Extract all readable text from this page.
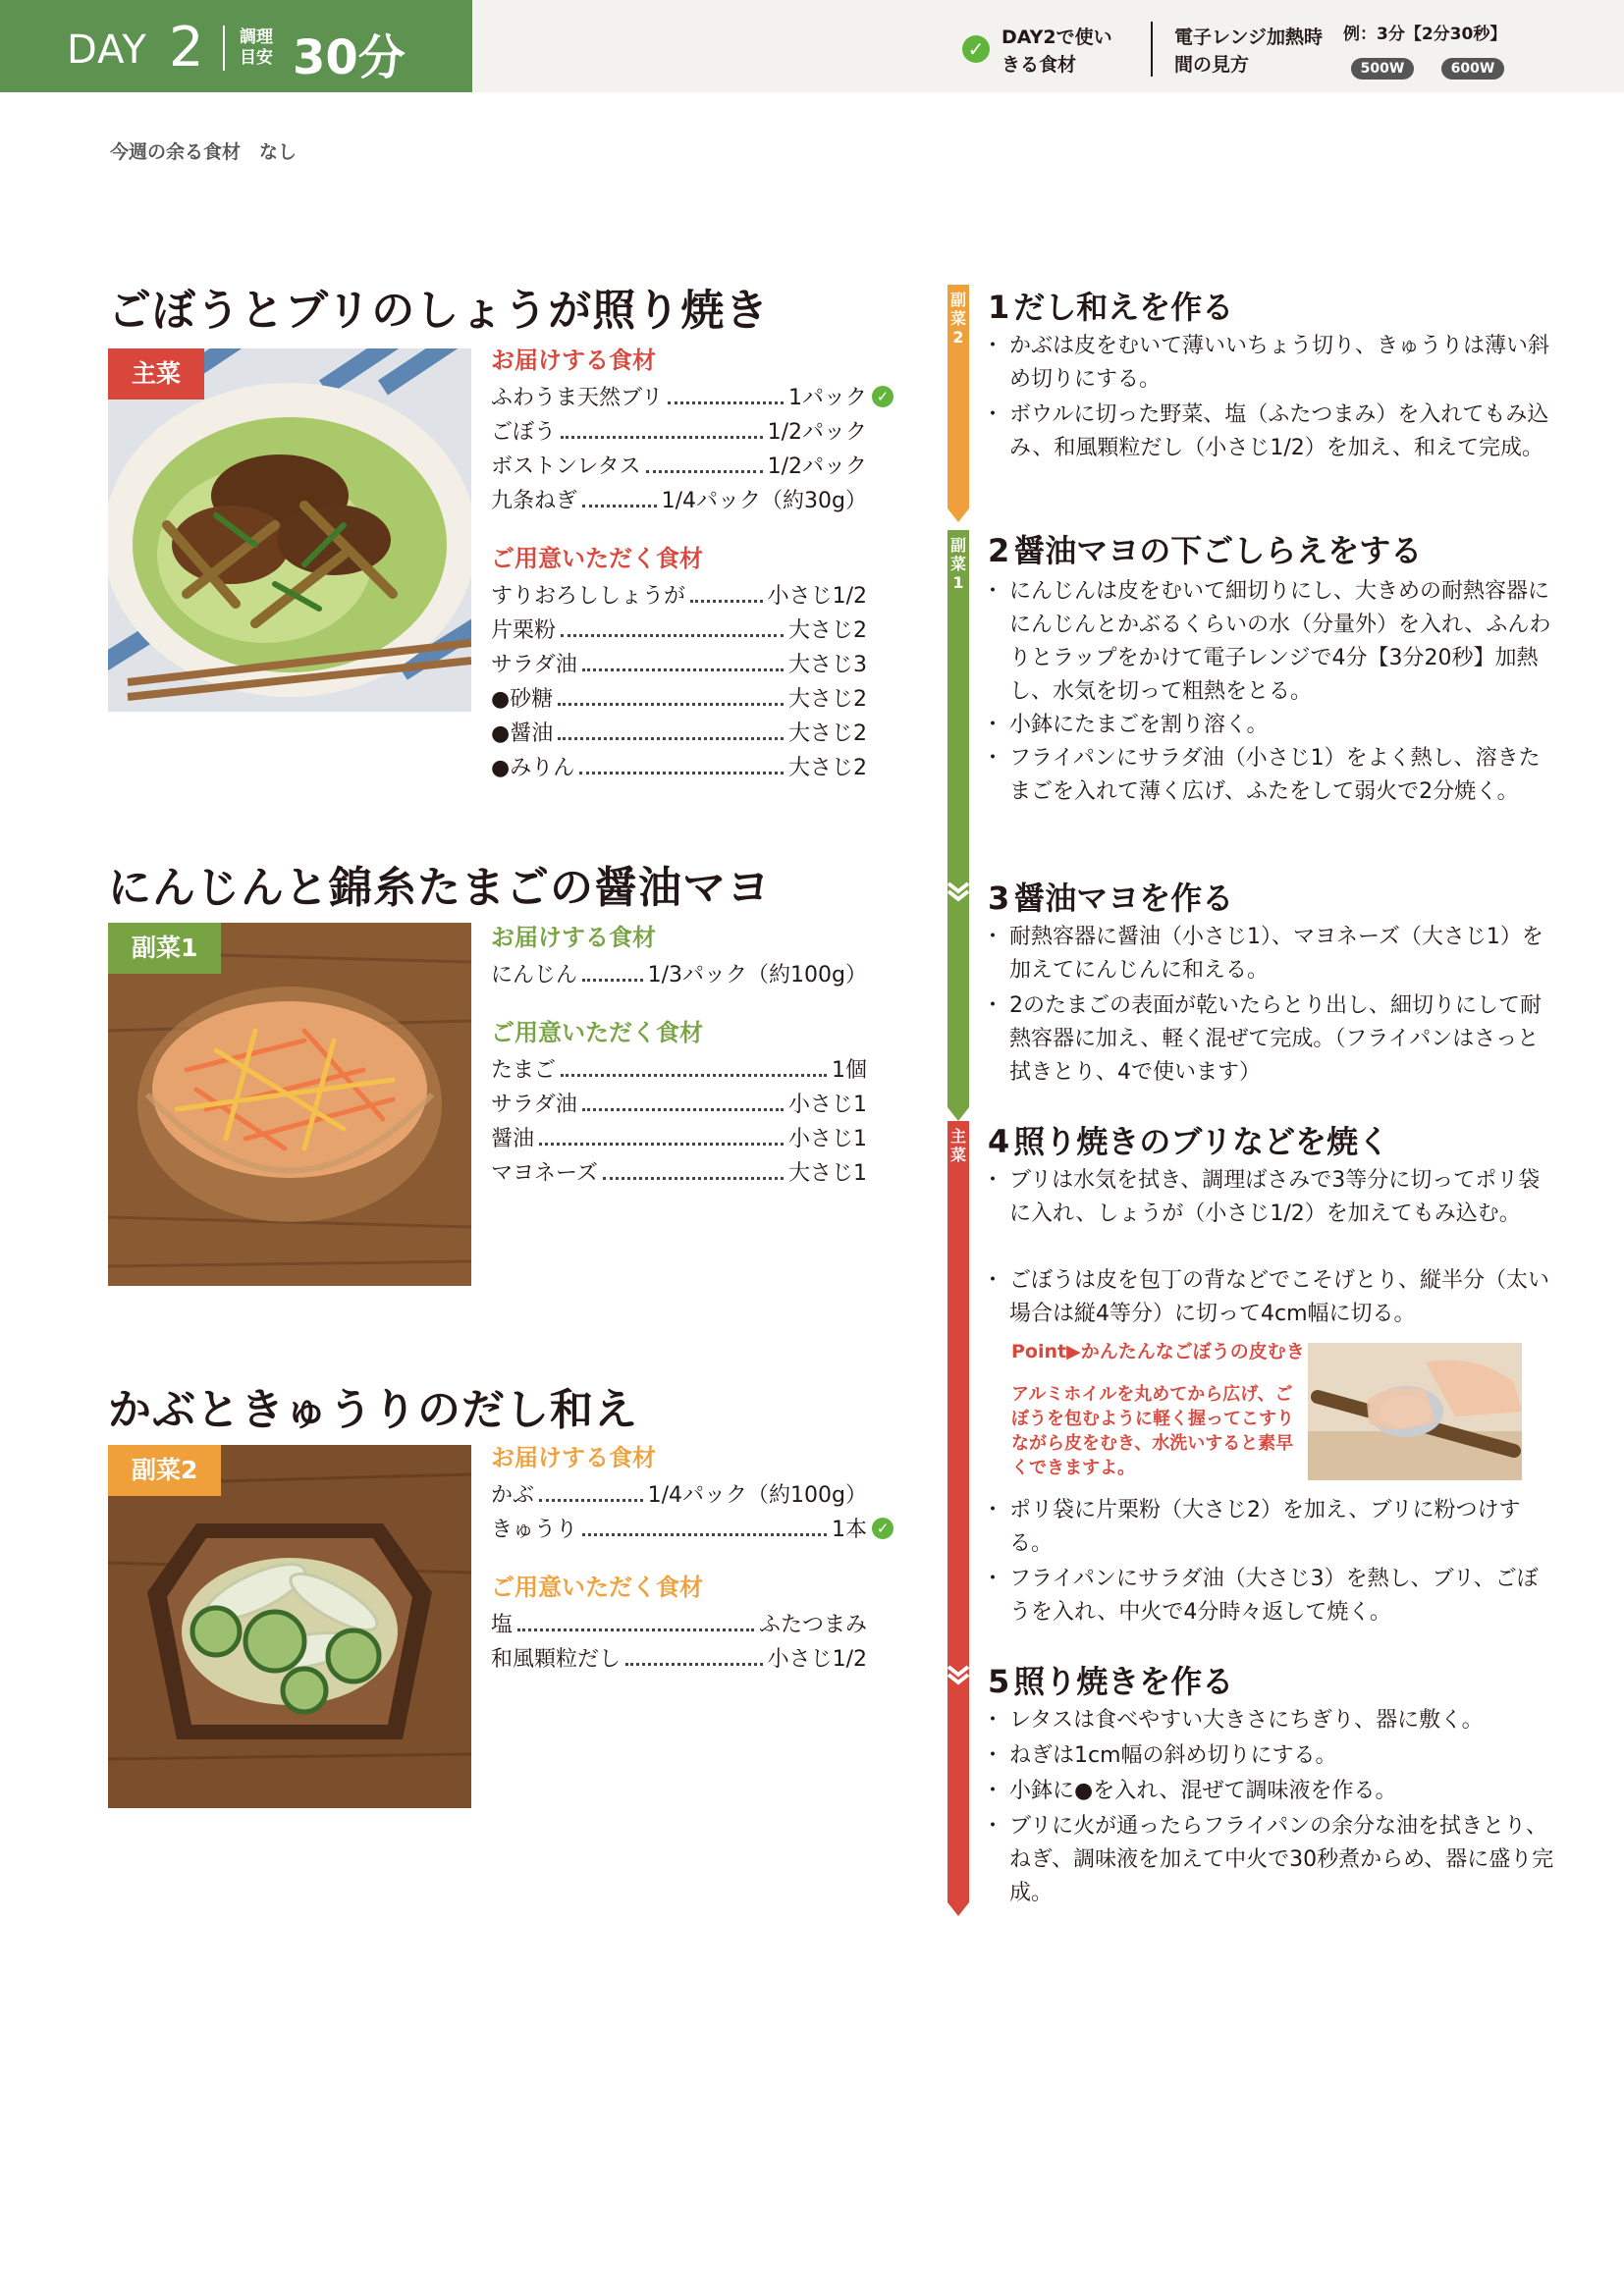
DAY 2 調理目安 30分	✓ DAY2で使いきる食材
電子レンジ加熱時間の見方
例：3分【2分30秒】
500W	600W
今週の余る食材　なし
ごぼうとブリのしょうが照り焼き
主菜	お届けする食材
ふわうま天然ブリ	1パック ✓
ごぼう	1/2パック
ボストンレタス	1/2パック
九条ねぎ	1/4パック（約30g）
ご用意いただく食材
すりおろししょうが	小さじ1/2
片栗粉	大さじ2
サラダ油	大さじ3
●砂糖	大さじ2
●醤油	大さじ2
●みりん	大さじ2
にんじんと錦糸たまごの醤油マヨ
副菜1	お届けする食材
にんじん	1/3パック（約100g）
ご用意いただく食材
たまご	1個
サラダ油	小さじ1
醤油	小さじ1
マヨネーズ	大さじ1
かぶときゅうりのだし和え
副菜2	お届けする食材
かぶ	1/4パック（約100g）
きゅうり	1本 ✓
ご用意いただく食材
塩	ふたつまみ
和風顆粒だし	小さじ1/2
副菜2
副菜1
主菜
1 だし和えを作る
・ かぶは皮をむいて薄いいちょう切り、きゅうりは薄い斜め切りにする。
・ ボウルに切った野菜、塩（ふたつまみ）を入れてもみ込み、和風顆粒だし（小さじ1/2）を加え、和えて完成。
2 醤油マヨの下ごしらえをする
・ にんじんは皮をむいて細切りにし、大きめの耐熱容器ににんじんとかぶるくらいの水（分量外）を入れ、ふんわりとラップをかけて電子レンジで4分【3分20秒】加熱し、水気を切って粗熱をとる。
・ 小鉢にたまごを割り溶く。
・ フライパンにサラダ油（小さじ1）をよく熱し、溶きたまごを入れて薄く広げ、ふたをして弱火で2分焼く。
3 醤油マヨを作る
・ 耐熱容器に醤油（小さじ1）、マヨネーズ（大さじ1）を加えてにんじんに和える。
・ 2のたまごの表面が乾いたらとり出し、細切りにして耐熱容器に加え、軽く混ぜて完成。（フライパンはさっと拭きとり、4で使います）
4 照り焼きのブリなどを焼く
・ ブリは水気を拭き、調理ばさみで3等分に切ってポリ袋に入れ、しょうが（小さじ1/2）を加えてもみ込む。
・ ごぼうは皮を包丁の背などでこそげとり、縦半分（太い場合は縦4等分）に切って4cm幅に切る。
Point▶かんたんなごぼうの皮むき
アルミホイルを丸めてから広げ、ごぼうを包むように軽く握ってこすりながら皮をむき、水洗いすると素早くできますよ。
・ ポリ袋に片栗粉（大さじ2）を加え、ブリに粉つけする。
・ フライパンにサラダ油（大さじ3）を熱し、ブリ、ごぼうを入れ、中火で4分時々返して焼く。
5 照り焼きを作る
・ レタスは食べやすい大きさにちぎり、器に敷く。
・ ねぎは1cm幅の斜め切りにする。
・ 小鉢に●を入れ、混ぜて調味液を作る。
・ ブリに火が通ったらフライパンの余分な油を拭きとり、ねぎ、調味液を加えて中火で30秒煮からめ、器に盛り完成。
